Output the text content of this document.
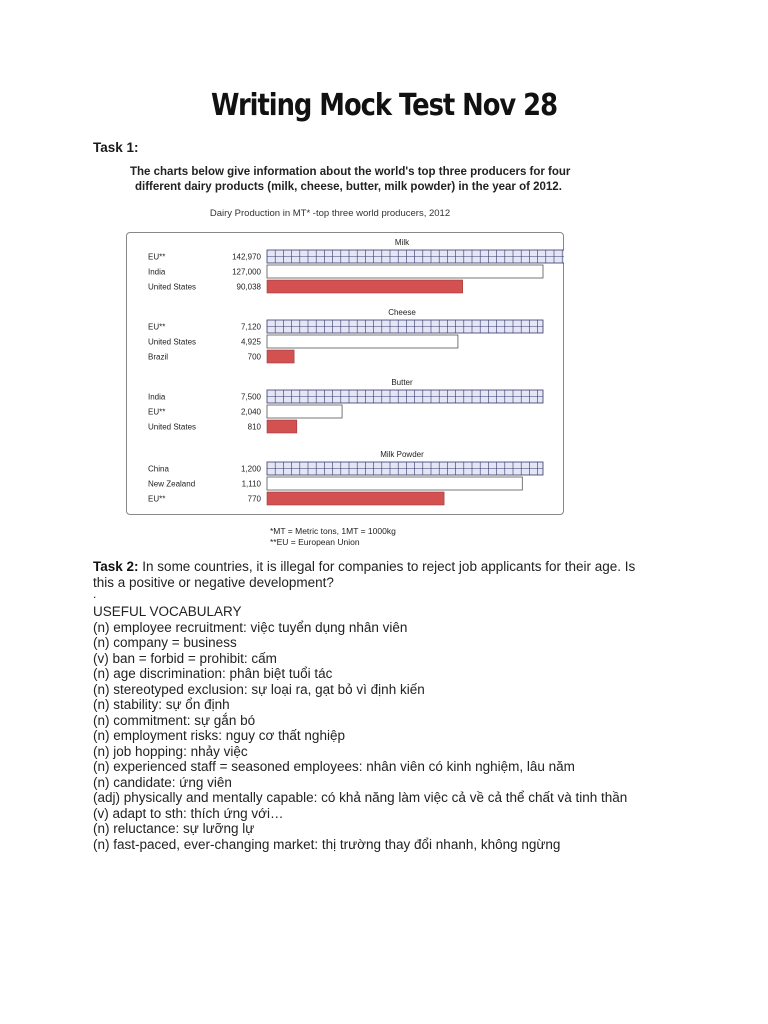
Writing Mock Test Nov 28
Task 1:
The charts below give information about the world's top three producers for four
different dairy products (milk, cheese, butter, milk powder) in the year of 2012.
Dairy Production in MT* -top three world producers, 2012
Milk
EU**	142,970
India	127,000
United States	90,038
Cheese
EU**	7,120
United States	4,925
Brazil	700
Butter
India	7,500
EU**	2,040
United States	810
Milk Powder
China	1,200
New Zealand	1,110
EU**	770
*MT = Metric tons, 1MT = 1000kg
**EU = European Union
Task 2: In some countries, it is illegal for companies to reject job applicants for their age. Is
this a positive or negative development?
.
USEFUL VOCABULARY
(n) employee recruitment: việc tuyển dụng nhân viên
(n) company = business
(v) ban = forbid = prohibit: cấm
(n) age discrimination: phân biệt tuổi tác
(n) stereotyped exclusion: sự loại ra, gạt bỏ vì định kiến
(n) stability: sự ổn định
(n) commitment: sự gắn bó
(n) employment risks: nguy cơ thất nghiệp
(n) job hopping: nhảy việc
(n) experienced staff = seasoned employees: nhân viên có kinh nghiệm, lâu năm
(n) candidate: ứng viên
(adj) physically and mentally capable: có khả năng làm việc cả về cả thể chất và tinh thần
(v) adapt to sth: thích ứng với…
(n) reluctance: sự lưỡng lự
(n) fast-paced, ever-changing market: thị trường thay đổi nhanh, không ngừng
